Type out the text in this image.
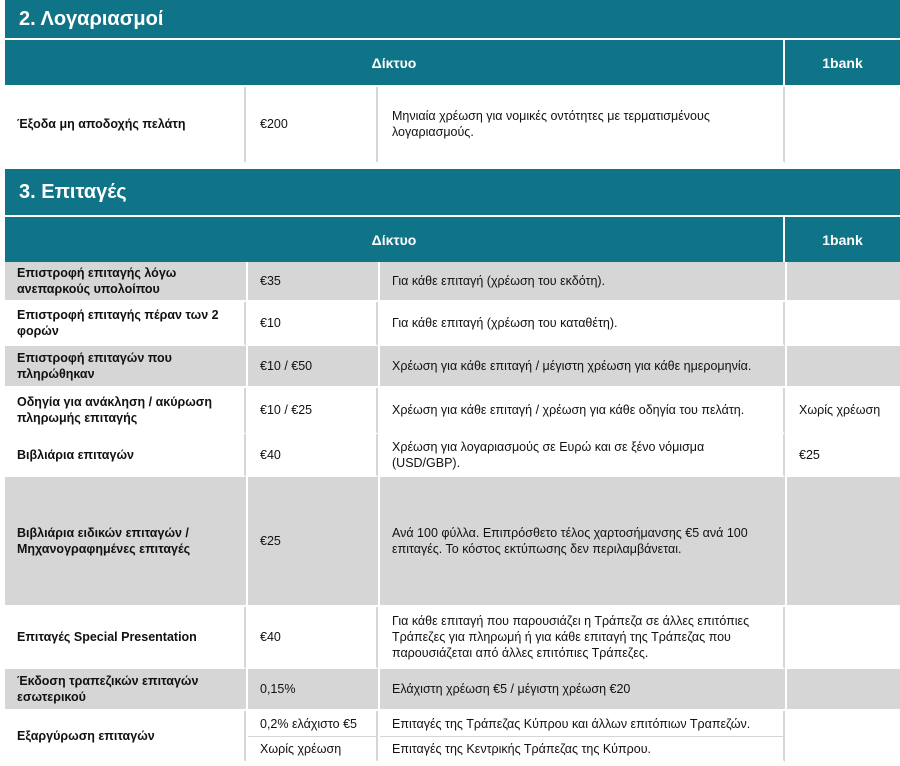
2. Λογαριασμοί
Δίκτυο	1bank
Έξοδα μη αποδοχής πελάτη	€200	Μηνιαία χρέωση για νομικές οντότητες με τερματισμένους λογαριασμούς.	
3. Επιταγές
Δίκτυο	1bank
Επιστροφή επιταγής λόγω ανεπαρκούς υπολοίπου	€35	Για κάθε επιταγή (χρέωση του εκδότη).	
Επιστροφή επιταγής πέραν των 2 φορών	€10	Για κάθε επιταγή (χρέωση του καταθέτη).	
Επιστροφή επιταγών που πληρώθηκαν	€10 / €50	Χρέωση για κάθε επιταγή / μέγιστη χρέωση για κάθε ημερομηνία.	
Οδηγία για ανάκληση / ακύρωση πληρωμής επιταγής	€10 / €25	Χρέωση για κάθε επιταγή / χρέωση για κάθε οδηγία του πελάτη.	Χωρίς χρέωση
Βιβλιάρια επιταγών	€40	Χρέωση για λογαριασμούς σε Ευρώ και σε ξένο νόμισμα (USD/GBP).	€25
Βιβλιάρια ειδικών επιταγών / Μηχανογραφημένες επιταγές	€25	Ανά 100 φύλλα. Επιπρόσθετο τέλος χαρτοσήμανσης €5 ανά 100 επιταγές. Το κόστος εκτύπωσης δεν περιλαμβάνεται.	
Επιταγές Special Presentation	€40	Για κάθε επιταγή που παρουσιάζει η Τράπεζα σε άλλες επιτόπιες Τράπεζες για πληρωμή ή για κάθε επιταγή της Τράπεζας που παρουσιάζεται από άλλες επιτόπιες Τράπεζες.	
Έκδοση τραπεζικών επιταγών εσωτερικού	0,15%	Ελάχιστη χρέωση €5 / μέγιστη χρέωση €20	
Εξαργύρωση επιταγών	0,2% ελάχιστο €5	Επιταγές της Τράπεζας Κύπρου και άλλων επιτόπιων Τραπεζών.	
	Χωρίς χρέωση	Επιταγές της Κεντρικής Τράπεζας της Κύπρου.	
